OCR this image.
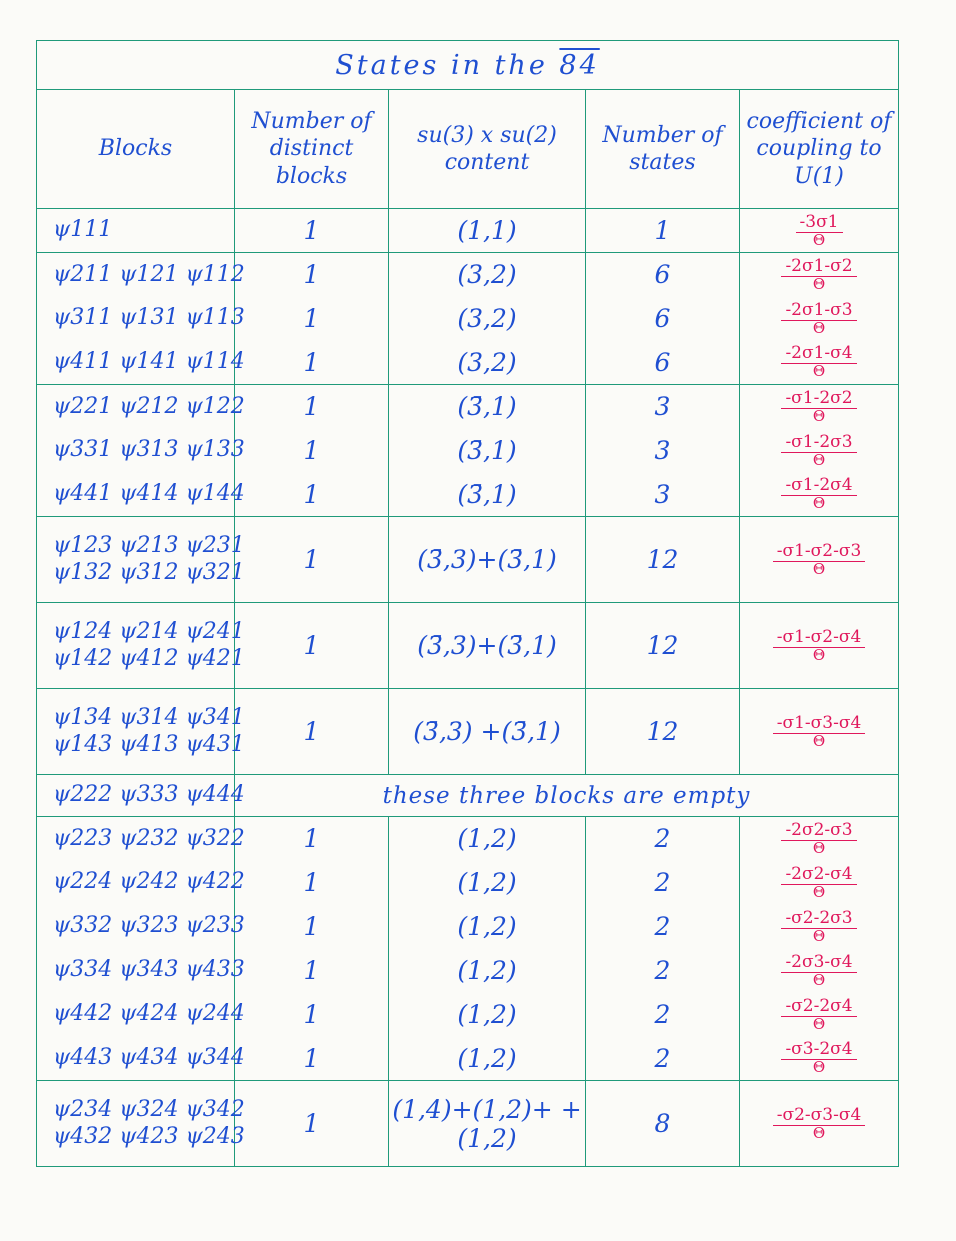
States in the 84				
Blocks	Number of distinct blocks	su(3) x su(2) content	Number of states	coefficient of coupling to U(1)

ψ111	1	(1,1)	1	-3σ1
Θ

ψ211 ψ121 ψ112	1	(3,2)	6	-2σ1-σ2
Θ

ψ311 ψ131 ψ113	1	(3,2)	6	-2σ1-σ3
Θ

ψ411 ψ141 ψ114	1	(3,2)	6	-2σ1-σ4
Θ

ψ221 ψ212 ψ122	1	(3̄,1)	3	-σ1-2σ2
Θ

ψ331 ψ313 ψ133	1	(3̄,1)	3	-σ1-2σ3
Θ

ψ441 ψ414 ψ144	1	(3̄,1)	3	-σ1-2σ4
Θ

ψ123 ψ213 ψ231
ψ132 ψ312 ψ321	1	(3̄,3)+(3̄,1)	12	-σ1-σ2-σ3
Θ

ψ124 ψ214 ψ241
ψ142 ψ412 ψ421	1	(3̄,3)+(3̄,1)	12	-σ1-σ2-σ4
Θ

ψ134 ψ314 ψ341
ψ143 ψ413 ψ431	1	(3̄,3) +(3̄,1)	12	-σ1-σ3-σ4
Θ

ψ222 ψ333 ψ444	these three blocks are empty			

ψ223 ψ232 ψ322	1	(1,2)	2	-2σ2-σ3
Θ

ψ224 ψ242 ψ422	1	(1,2)	2	-2σ2-σ4
Θ

ψ332 ψ323 ψ233	1	(1,2)	2	-σ2-2σ3
Θ

ψ334 ψ343 ψ433	1	(1,2)	2	-2σ3-σ4
Θ

ψ442 ψ424 ψ244	1	(1,2)	2	-σ2-2σ4
Θ

ψ443 ψ434 ψ344	1	(1,2)	2	-σ3-2σ4
Θ

ψ234 ψ324 ψ342
ψ432 ψ423 ψ243	1	(1,4)+(1,2)+ +(1,2)	8	-σ2-σ3-σ4
Θ
